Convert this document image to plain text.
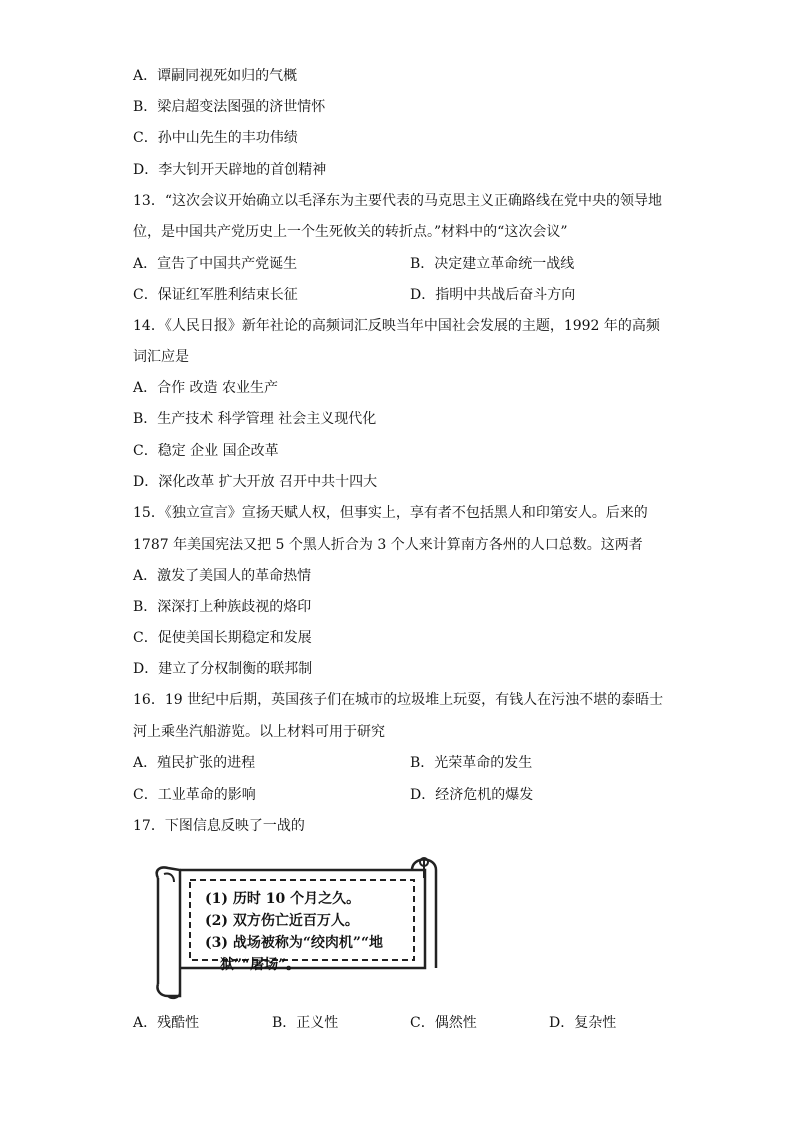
A．谭嗣同视死如归的气概
B．梁启超变法图强的济世情怀
C．孙中山先生的丰功伟绩
D．李大钊开天辟地的首创精神
13．“这次会议开始确立以毛泽东为主要代表的马克思主义正确路线在党中央的领导地
位，是中国共产党历史上一个生死攸关的转折点。”材料中的“这次会议”
A．宣告了中国共产党诞生	B．决定建立革命统一战线
C．保证红军胜利结束长征	D．指明中共战后奋斗方向
14．《人民日报》新年社论的高频词汇反映当年中国社会发展的主题，1992 年的高频
词汇应是
A．合作 改造 农业生产
B．生产技术 科学管理 社会主义现代化
C．稳定 企业 国企改革
D．深化改革 扩大开放 召开中共十四大
15．《独立宣言》宣扬天赋人权，但事实上，享有者不包括黑人和印第安人。后来的
1787 年美国宪法又把 5 个黑人折合为 3 个人来计算南方各州的人口总数。这两者
A．激发了美国人的革命热情
B．深深打上种族歧视的烙印
C．促使美国长期稳定和发展
D．建立了分权制衡的联邦制
16．19 世纪中后期，英国孩子们在城市的垃圾堆上玩耍，有钱人在污浊不堪的泰晤士
河上乘坐汽船游览。以上材料可用于研究
A．殖民扩张的进程	B．光荣革命的发生
C．工业革命的影响	D．经济危机的爆发
17．下图信息反映了一战的
(1) 历时 10 个月之久。
(2) 双方伤亡近百万人。
(3) 战场被称为“绞肉机”“地
狱”“屠场”。
A．残酷性	B．正义性	C．偶然性	D．复杂性
